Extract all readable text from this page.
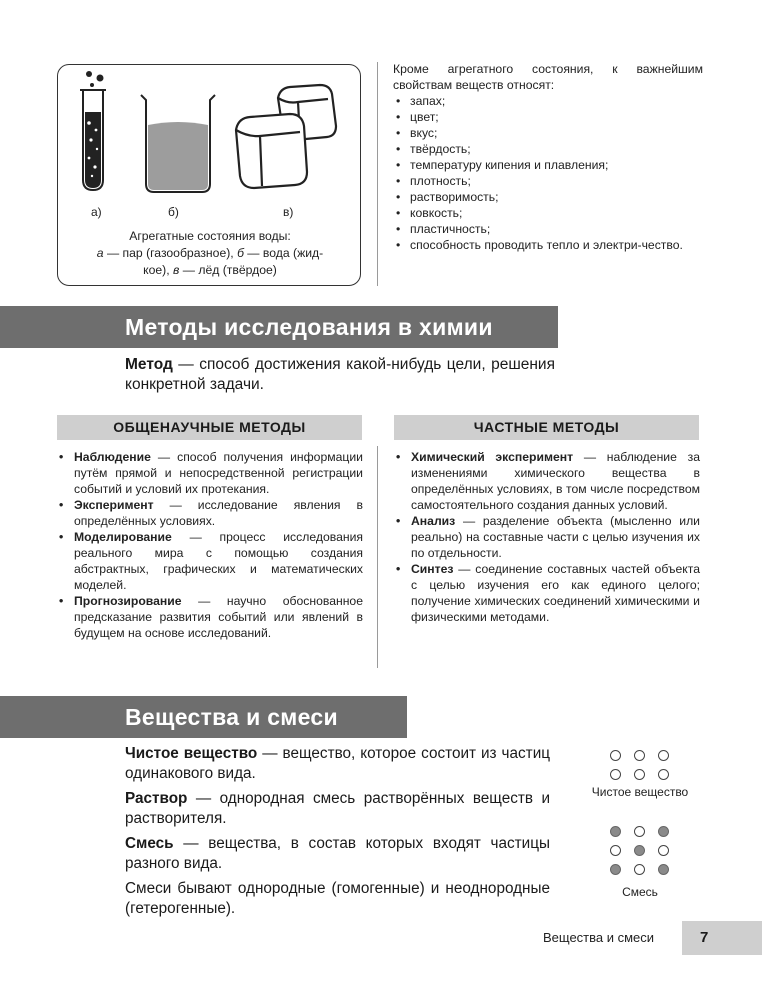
а)	б)	в)
Агрегатные состояния воды:
а — пар (газообразное), б — вода (жид-
кое), в — лёд (твёрдое)

Кроме агрегатного состояния, к важнейшим свойствам веществ относят:

• запах;
• цвет;
• вкус;
• твёрдость;
• температуру кипения и плавления;
• плотность;
• растворимость;
• ковкость;
• пластичность;
• способность проводить тепло и электри-чество.
Методы исследования в химии
Метод — способ достижения какой-нибудь цели, решения конкретной задачи.
ОБЩЕНАУЧНЫЕ МЕТОДЫ	ЧАСТНЫЕ МЕТОДЫ
• Наблюдение — способ получения информации путём прямой и непосредственной регистрации событий и условий их протекания.
• Эксперимент — исследование явления в определённых условиях.
• Моделирование — процесс исследования реального мира с помощью создания абстрактных, графических и математических моделей.
• Прогнозирование — научно обоснованное предсказание развития событий или явлений в будущем на основе исследований.
• Химический эксперимент — наблюдение за изменениями химического вещества в определённых условиях, в том числе посредством самостоятельного создания данных условий.
• Анализ — разделение объекта (мысленно или реально) на составные части с целью изучения их по отдельности.
• Синтез — соединение составных частей объекта с целью изучения его как единого целого; получение химических соединений химическими и физическими методами.
Вещества и смеси

Чистое вещество — вещество, которое состоит из частиц одинакового вида.

Раствор — однородная смесь растворённых веществ и растворителя.

Смесь — вещества, в состав которых входят частицы разного вида.

Смеси бывают однородные (гомогенные) и неоднородные (гетерогенные).

Чистое вещество
Смесь
Вещества и смеси	7
